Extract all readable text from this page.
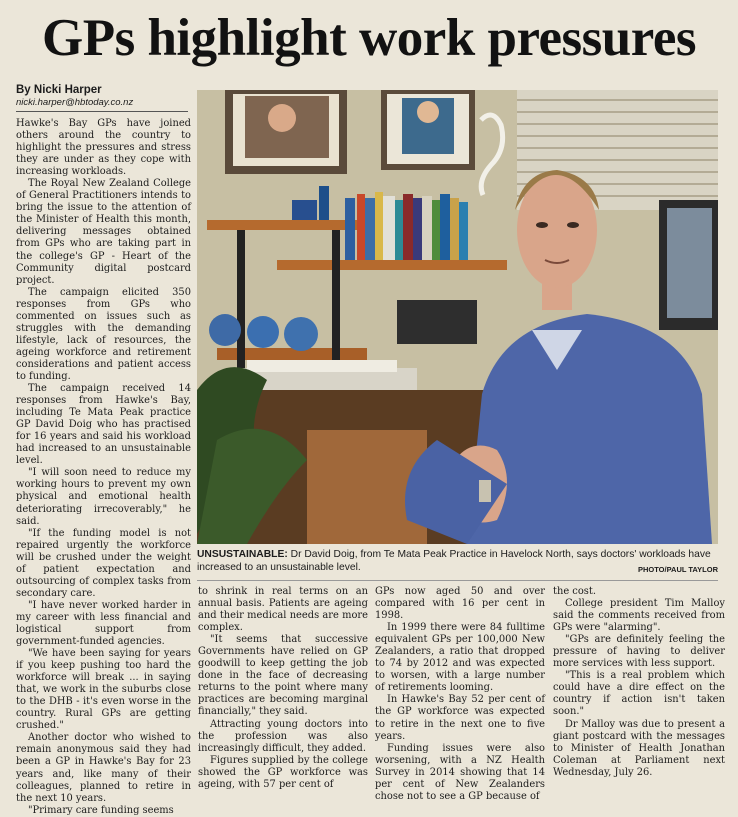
GPs highlight work pressures
By Nicki Harper
nicki.harper@hbtoday.co.nz

Hawke's Bay GPs have joined others around the country to highlight the pressures and stress they are under as they cope with increasing workloads.

The Royal New Zealand College of General Practitioners intends to bring the issue to the attention of the Minister of Health this month, delivering messages obtained from GPs who are taking part in the college's GP - Heart of the Community digital postcard project.

The campaign elicited 350 responses from GPs who commented on issues such as struggles with the demanding lifestyle, lack of resources, the ageing workforce and retirement considerations and patient access to funding.

The campaign received 14 responses from Hawke's Bay, including Te Mata Peak practice GP David Doig who has practised for 16 years and said his workload had increased to an unsustainable level.

"I will soon need to reduce my working hours to prevent my own physical and emotional health deteriorating irrecoverably," he said.

"If the funding model is not repaired urgently the workforce will be crushed under the weight of patient expectation and outsourcing of complex tasks from secondary care.

"I have never worked harder in my career with less financial and logistical support from government-funded agencies.

"We have been saying for years if you keep pushing too hard the workforce will break ... in saying that, we work in the suburbs close to the DHB - it's even worse in the country. Rural GPs are getting crushed."

Another doctor who wished to remain anonymous said they had been a GP in Hawke's Bay for 23 years and, like many of their colleagues, planned to retire in the next 10 years.

"Primary care funding seems

UNSUSTAINABLE: Dr David Doig, from Te Mata Peak Practice in Havelock North, says doctors' workloads have increased to an unsustainable level.	PHOTO/PAUL TAYLOR

to shrink in real terms on an annual basis. Patients are ageing and their medical needs are more complex.

"It seems that successive Governments have relied on GP goodwill to keep getting the job done in the face of decreasing returns to the point where many practices are becoming marginal financially," they said.

Attracting young doctors into the profession was also increasingly difficult, they added.

Figures supplied by the college showed the GP workforce was ageing, with 57 per cent of

GPs now aged 50 and over compared with 16 per cent in 1998.

In 1999 there were 84 fulltime equivalent GPs per 100,000 New Zealanders, a ratio that dropped to 74 by 2012 and was expected to worsen, with a large number of retirements looming.

In Hawke's Bay 52 per cent of the GP workforce was expected to retire in the next one to five years.

Funding issues were also worsening, with a NZ Health Survey in 2014 showing that 14 per cent of New Zealanders chose not to see a GP because of

the cost.

College president Tim Malloy said the comments received from GPs were "alarming".

"GPs are definitely feeling the pressure of having to deliver more services with less support.

"This is a real problem which could have a dire effect on the country if action isn't taken soon."

Dr Malloy was due to present a giant postcard with the messages to Minister of Health Jonathan Coleman at Parliament next Wednesday, July 26.
